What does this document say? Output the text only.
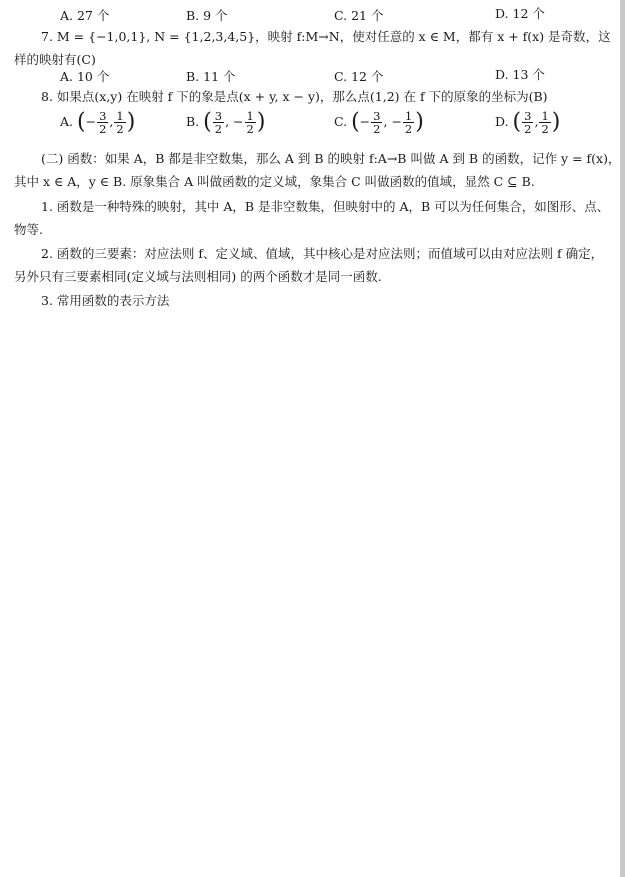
A. 27 个	B. 9 个	C. 21 个	D. 12 个
7. M = {−1,0,1}, N = {1,2,3,4,5}，映射 f:M→N，使对任意的 x ∈ M，都有 x + f(x) 是奇数，这
样的映射有(C)
A. 10 个	B. 11 个	C. 12 个	D. 13 个
8. 如果点(x,y) 在映射 f 下的象是点(x + y, x − y)，那么点(1,2) 在 f 下的原象的坐标为(B)
A. (− $\frac{3}{2}$ , $\frac{1}{2}$ )	B. ( $\frac{3}{2}$ , − $\frac{1}{2}$ )	C. (− $\frac{3}{2}$ , − $\frac{1}{2}$ )	D. ( $\frac{3}{2}$ , $\frac{1}{2}$ )
(二) 函数：如果 A，B 都是非空数集，那么 A 到 B 的映射 f:A→B 叫做 A 到 B 的函数，记作 y = f(x)，
其中 x ∈ A，y ∈ B. 原象集合 A 叫做函数的定义域，象集合 C 叫做函数的值域，显然 C ⊆ B.
1. 函数是一种特殊的映射，其中 A，B 是非空数集，但映射中的 A，B 可以为任何集合，如图形、点、
物等.
2. 函数的三要素：对应法则 f、定义域、值域，其中核心是对应法则；而值域可以由对应法则 f 确定，
另外只有三要素相同(定义域与法则相同) 的两个函数才是同一函数.
3. 常用函数的表示方法
